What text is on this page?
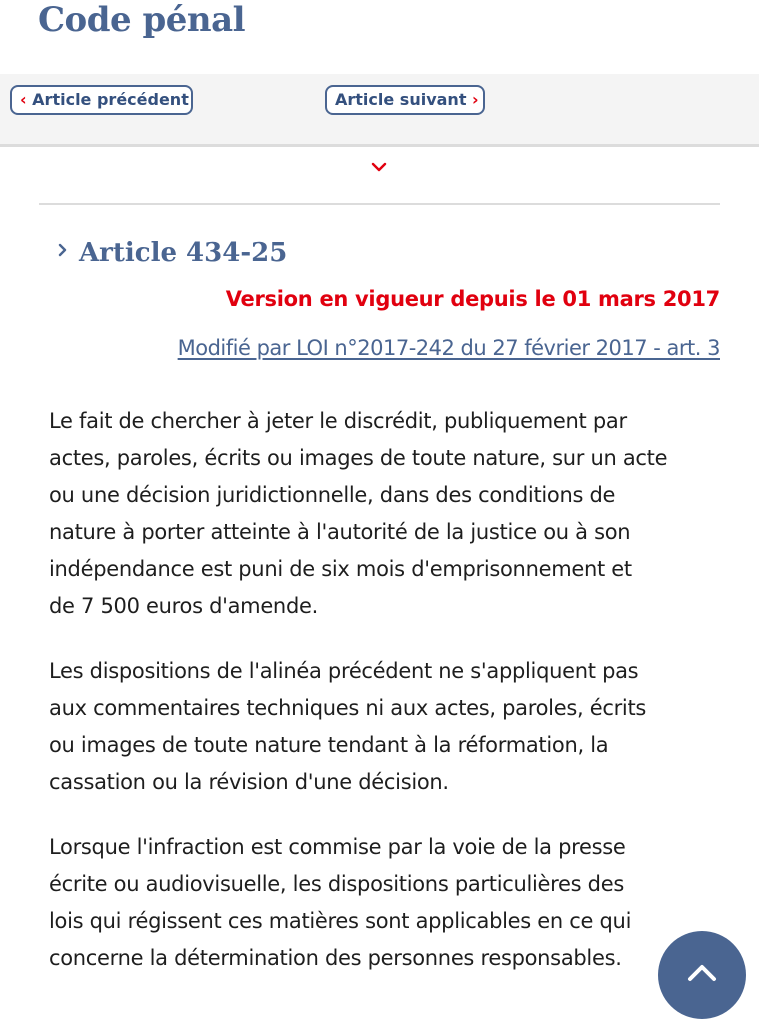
Code pénal
‹ Article précédent	Article suivant ›
Article 434-25
Version en vigueur depuis le 01 mars 2017
Modifié par LOI n°2017-242 du 27 février 2017 - art. 3

Le fait de chercher à jeter le discrédit, publiquement par
actes, paroles, écrits ou images de toute nature, sur un acte
ou une décision juridictionnelle, dans des conditions de
nature à porter atteinte à l'autorité de la justice ou à son
indépendance est puni de six mois d'emprisonnement et
de 7 500 euros d'amende.

Les dispositions de l'alinéa précédent ne s'appliquent pas
aux commentaires techniques ni aux actes, paroles, écrits
ou images de toute nature tendant à la réformation, la
cassation ou la révision d'une décision.

Lorsque l'infraction est commise par la voie de la presse
écrite ou audiovisuelle, les dispositions particulières des
lois qui régissent ces matières sont applicables en ce qui
concerne la détermination des personnes responsables.
